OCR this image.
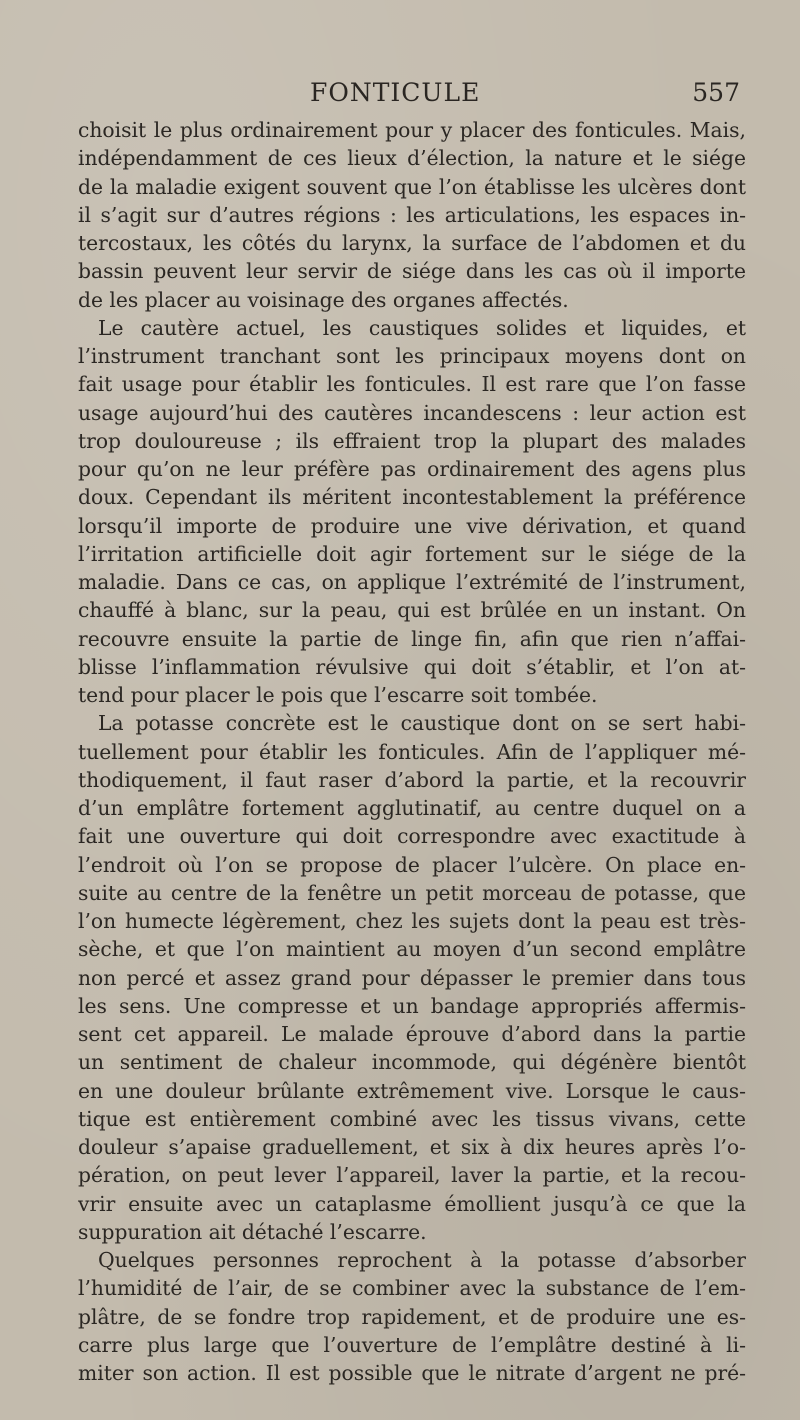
FONTICULE	557
choisit le plus ordinairement pour y placer des fonticules. Mais,
indépendamment de ces lieux d’élection, la nature et le siége
de la maladie exigent souvent que l’on établisse les ulcères dont
il s’agit sur d’autres régions : les articulations, les espaces in-
tercostaux, les côtés du larynx, la surface de l’abdomen et du
bassin peuvent leur servir de siége dans les cas où il importe
de les placer au voisinage des organes affectés.
Le cautère actuel, les caustiques solides et liquides, et
l’instrument tranchant sont les principaux moyens dont on
fait usage pour établir les fonticules. Il est rare que l’on fasse
usage aujourd’hui des cautères incandescens : leur action est
trop douloureuse ; ils effraient trop la plupart des malades
pour qu’on ne leur préfère pas ordinairement des agens plus
doux. Cependant ils méritent incontestablement la préférence
lorsqu’il importe de produire une vive dérivation, et quand
l’irritation artificielle doit agir fortement sur le siége de la
maladie. Dans ce cas, on applique l’extrémité de l’instrument,
chauffé à blanc, sur la peau, qui est brûlée en un instant. On
recouvre ensuite la partie de linge fin, afin que rien n’affai-
blisse l’inflammation révulsive qui doit s’établir, et l’on at-
tend pour placer le pois que l’escarre soit tombée.
La potasse concrète est le caustique dont on se sert habi-
tuellement pour établir les fonticules. Afin de l’appliquer mé-
thodiquement, il faut raser d’abord la partie, et la recouvrir
d’un emplâtre fortement agglutinatif, au centre duquel on a
fait une ouverture qui doit correspondre avec exactitude à
l’endroit où l’on se propose de placer l’ulcère. On place en-
suite au centre de la fenêtre un petit morceau de potasse, que
l’on humecte légèrement, chez les sujets dont la peau est très-
sèche, et que l’on maintient au moyen d’un second emplâtre
non percé et assez grand pour dépasser le premier dans tous
les sens. Une compresse et un bandage appropriés affermis-
sent cet appareil. Le malade éprouve d’abord dans la partie
un sentiment de chaleur incommode, qui dégénère bientôt
en une douleur brûlante extrêmement vive. Lorsque le caus-
tique est entièrement combiné avec les tissus vivans, cette
douleur s’apaise graduellement, et six à dix heures après l’o-
pération, on peut lever l’appareil, laver la partie, et la recou-
vrir ensuite avec un cataplasme émollient jusqu’à ce que la
suppuration ait détaché l’escarre.
Quelques personnes reprochent à la potasse d’absorber
l’humidité de l’air, de se combiner avec la substance de l’em-
plâtre, de se fondre trop rapidement, et de produire une es-
carre plus large que l’ouverture de l’emplâtre destiné à li-
miter son action. Il est possible que le nitrate d’argent ne pré-
